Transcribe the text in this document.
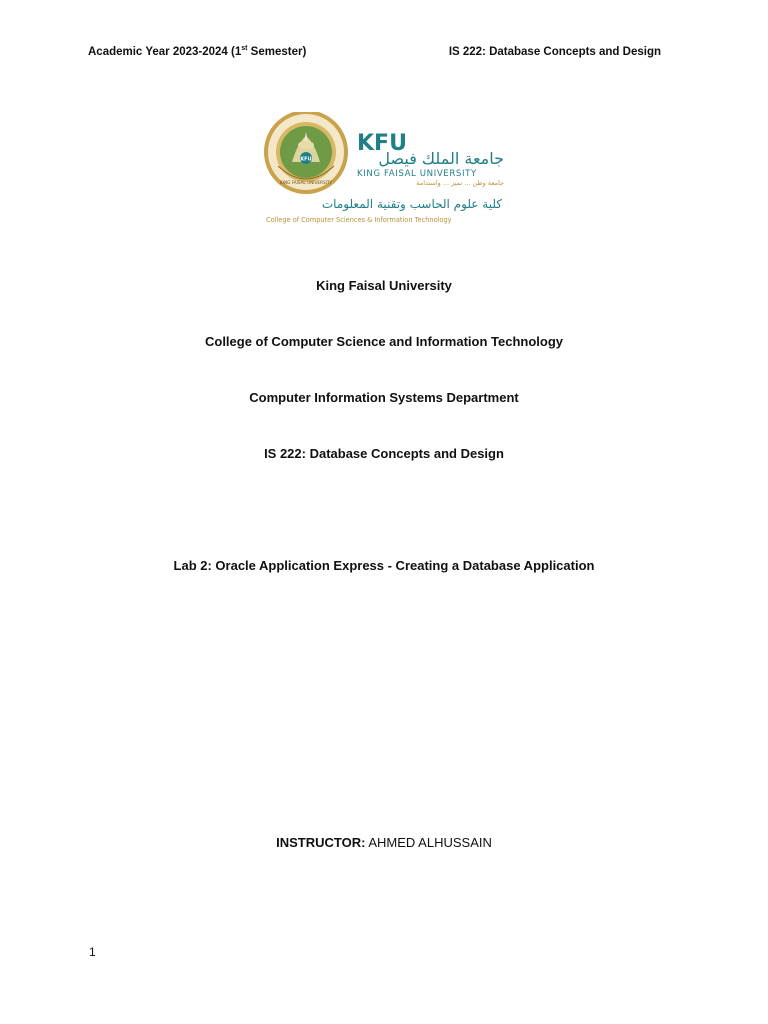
Academic Year 2023-2024 (1st Semester)	IS 222: Database Concepts and Design
KFU
KING FAISAL UNIVERSITY
KFU
جامعة الملك فيصل
KING FAISAL UNIVERSITY
جامعة وطن ... تميز ... واستدامة
كلية علوم الحاسب وتقنية المعلومات
College of Computer Sciences & Information Technology
King Faisal University
College of Computer Science and Information Technology
Computer Information Systems Department
IS 222: Database Concepts and Design
Lab 2: Oracle Application Express - Creating a Database Application
INSTRUCTOR: AHMED ALHUSSAIN
1
